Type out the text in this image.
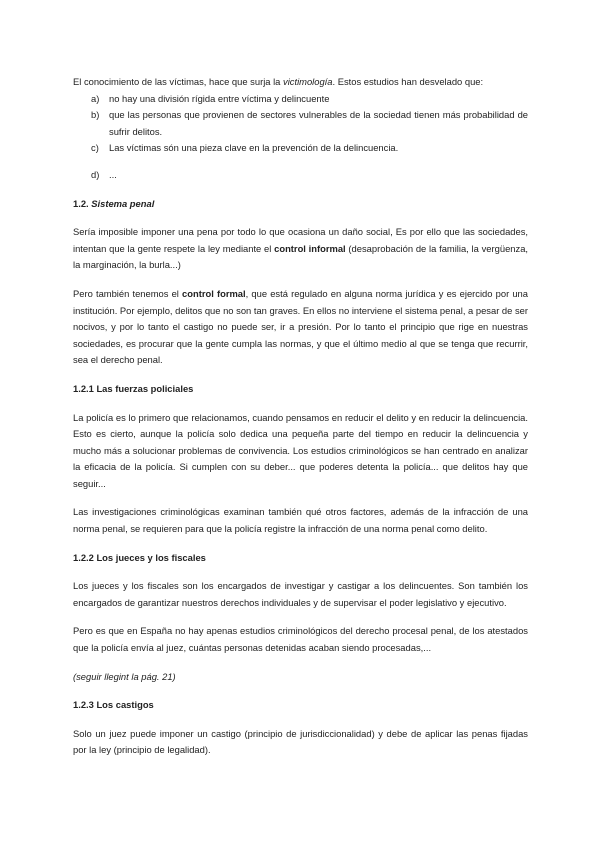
El conocimiento de las víctimas, hace que surja la victimología. Estos estudios han desvelado que:

a)	no hay una división rígida entre víctima y delincuente
b)	que las personas que provienen de sectores vulnerables de la sociedad tienen más probabilidad de sufrir delitos.
c)	Las víctimas són una pieza clave en la prevención de la delincuencia.
d)	...

1.2. Sistema penal

Sería imposible imponer una pena por todo lo que ocasiona un daño social, Es por ello que las sociedades, intentan que la gente respete la ley mediante el control informal (desaprobación de la familia, la vergüenza, la marginación, la burla...)

Pero también tenemos el control formal, que está regulado en alguna norma jurídica y es ejercido por una institución. Por ejemplo, delitos que no son tan graves. En ellos no interviene el sistema penal, a pesar de ser nocivos, y por lo tanto el castigo no puede ser, ir a presión. Por lo tanto el principio que rige en nuestras sociedades, es procurar que la gente cumpla las normas, y que el último medio al que se tenga que recurrir, sea el derecho penal.

1.2.1 Las fuerzas policiales

La policía es lo primero que relacionamos, cuando pensamos en reducir el delito y en reducir la delincuencia. Esto es cierto, aunque la policía solo dedica una pequeña parte del tiempo en reducir la delincuencia y mucho más a solucionar problemas de convivencia. Los estudios criminológicos se han centrado en analizar la eficacia de la policía. Si cumplen con su deber... que poderes detenta la policía... que delitos hay que seguir...

Las investigaciones criminológicas examinan también qué otros factores, además de la infracción de una norma penal, se requieren para que la policía registre la infracción de una norma penal como delito.

1.2.2 Los jueces y los fiscales

Los jueces y los fiscales son los encargados de investigar y castigar a los delincuentes. Son también los encargados de garantizar nuestros derechos individuales y de supervisar el poder legislativo y ejecutivo.

Pero es que en España no hay apenas estudios criminológicos del derecho procesal penal, de los atestados que la policía envía al juez, cuántas personas detenidas acaban siendo procesadas,...

(seguir llegint la pág. 21)

1.2.3 Los castigos

Solo un juez puede imponer un castigo (principio de jurisdiccionalidad) y debe de aplicar las penas fijadas por la ley (principio de legalidad).
